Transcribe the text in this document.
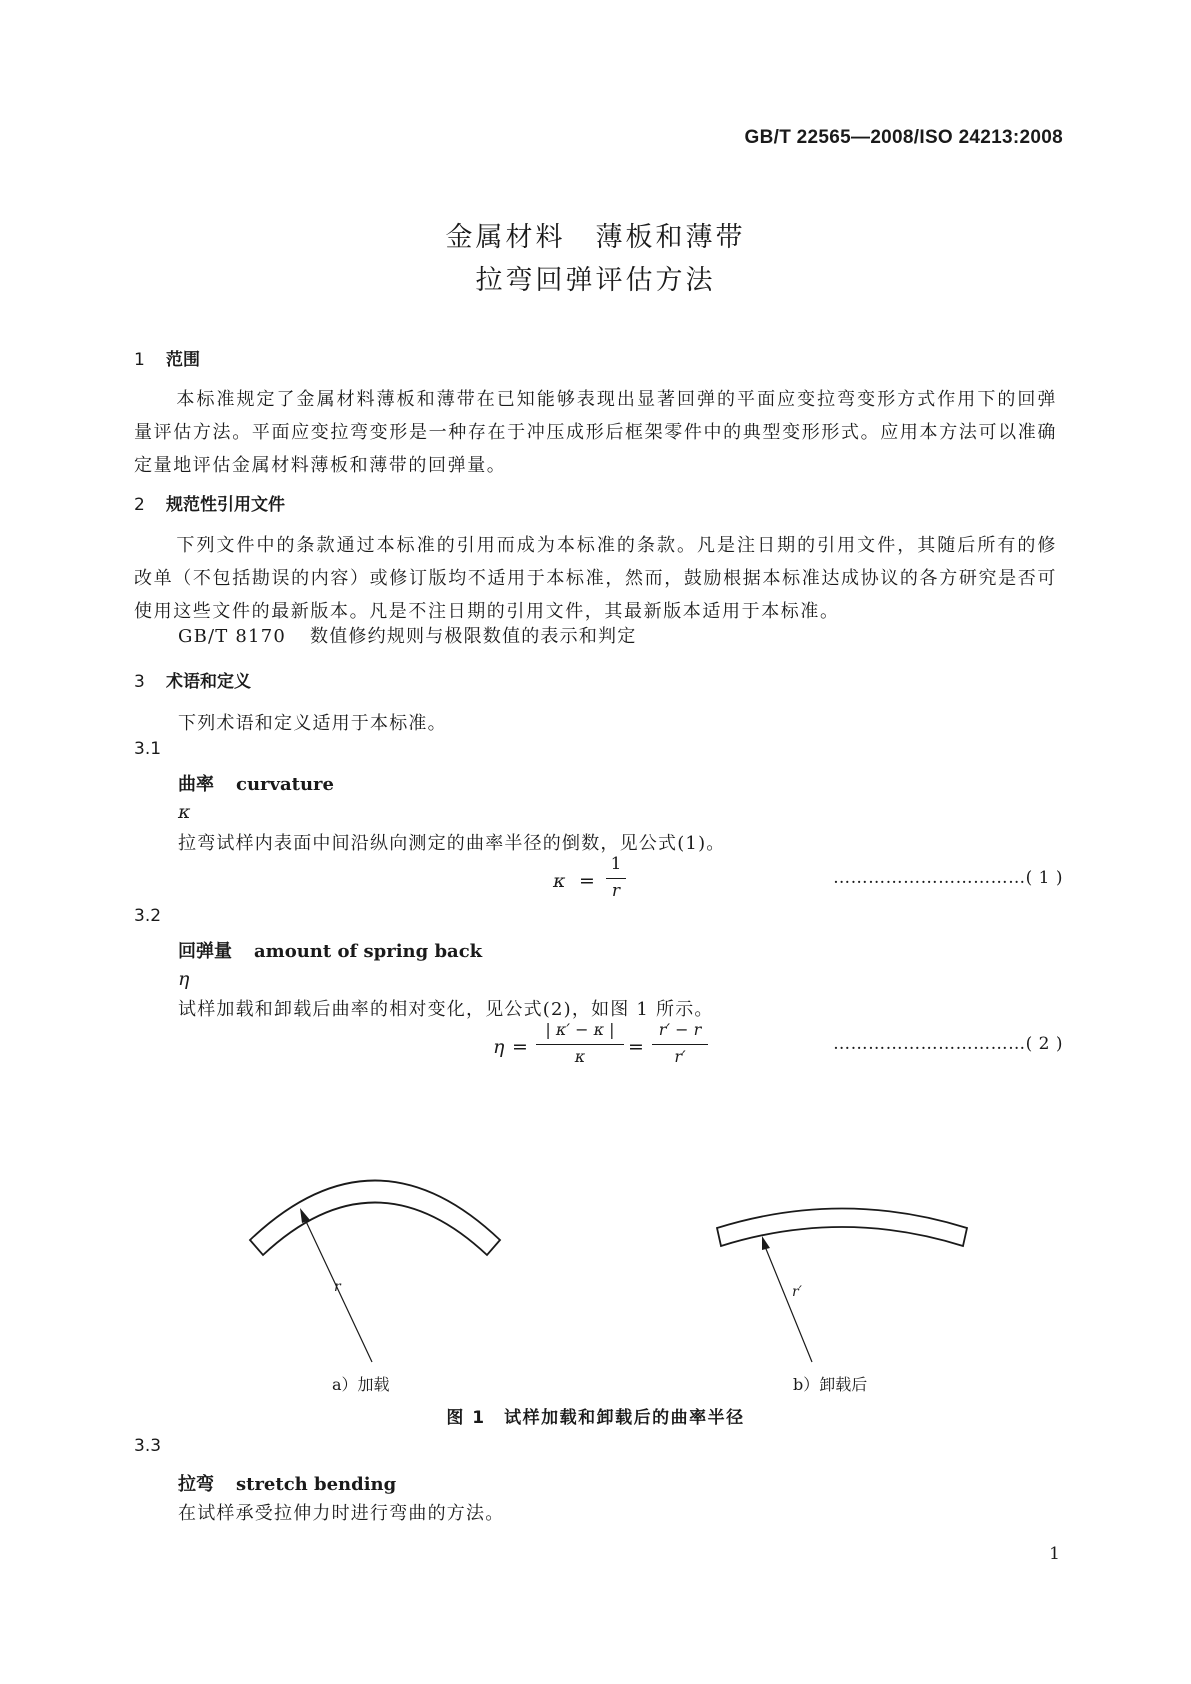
GB/T 22565—2008/ISO 24213:2008
金属材料　薄板和薄带
拉弯回弹评估方法
1 范围
本标准规定了金属材料薄板和薄带在已知能够表现出显著回弹的平面应变拉弯变形方式作用下的回弹量评估方法。平面应变拉弯变形是一种存在于冲压成形后框架零件中的典型变形形式。应用本方法可以准确定量地评估金属材料薄板和薄带的回弹量。
2 规范性引用文件
下列文件中的条款通过本标准的引用而成为本标准的条款。凡是注日期的引用文件，其随后所有的修改单（不包括勘误的内容）或修订版均不适用于本标准，然而，鼓励根据本标准达成协议的各方研究是否可使用这些文件的最新版本。凡是不注日期的引用文件，其最新版本适用于本标准。
GB/T 8170 数值修约规则与极限数值的表示和判定
3 术语和定义
下列术语和定义适用于本标准。
3.1
曲率 curvature
κ
拉弯试样内表面中间沿纵向测定的曲率半径的倒数，见公式(1)。
κ =
1
r
……………………………( 1 )
3.2
回弹量 amount of spring back
η
试样加载和卸载后曲率的相对变化，见公式(2)，如图 1 所示。
η =
| κ′ − κ |
κ	=
r′ − r
r′
……………………………( 2 )
r	r′
a）加载	b）卸载后
图 1　试样加载和卸载后的曲率半径
3.3
拉弯 stretch bending
在试样承受拉伸力时进行弯曲的方法。
1
